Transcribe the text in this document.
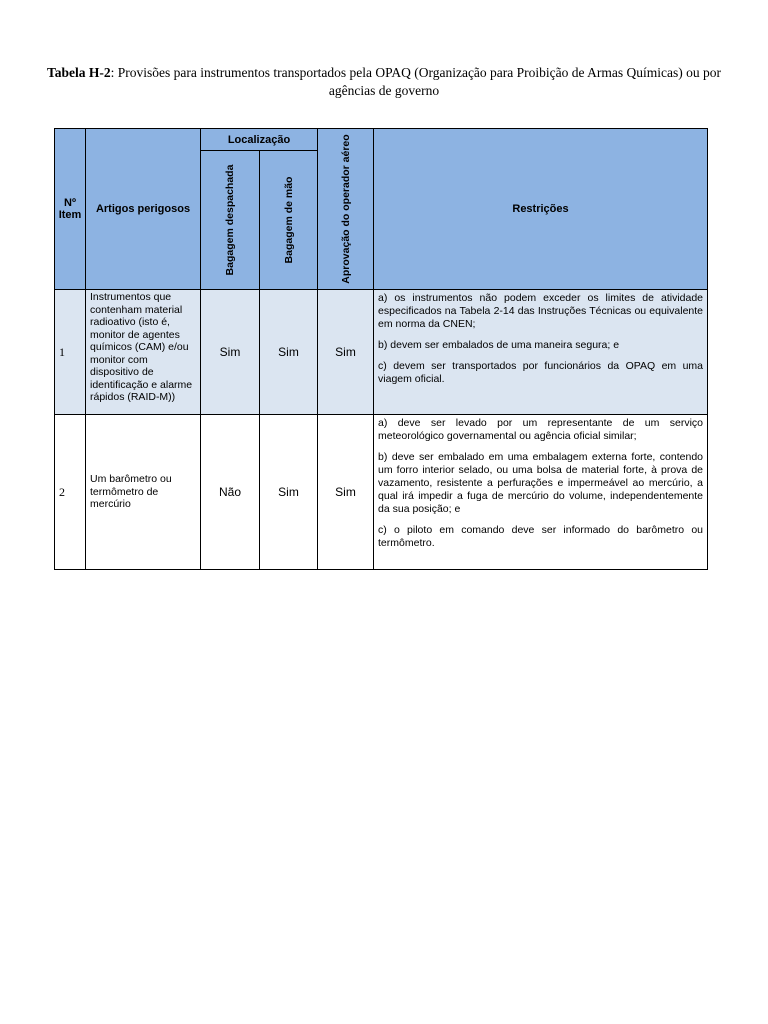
Tabela H-2: Provisões para instrumentos transportados pela OPAQ (Organização para Proibição de Armas Químicas) ou por agências de governo
Nº Item	Artigos perigosos	Localização		Aprovação do operador aéreo	Restrições

		Bagagem despachada	Bagagem de mão		

1	Instrumentos que contenham material radioativo (isto é, monitor de agentes químicos (CAM) e/ou monitor com dispositivo de identificação e alarme rápidos (RAID-M))	Sim	Sim	Sim	a) os instrumentos não podem exceder os limites de atividade especificados na Tabela 2-14 das Instruções Técnicas ou equivalente em norma da CNEN;

b) devem ser embalados de uma maneira segura; e

c) devem ser transportados por funcionários da OPAQ em uma viagem oficial.

2	Um barômetro ou termômetro de mercúrio	Não	Sim	Sim	a) deve ser levado por um representante de um serviço meteorológico governamental ou agência oficial similar;

b) deve ser embalado em uma embalagem externa forte, contendo um forro interior selado, ou uma bolsa de material forte, à prova de vazamento, resistente a perfurações e impermeável ao mercúrio, a qual irá impedir a fuga de mercúrio do volume, independentemente da sua posição; e

c) o piloto em comando deve ser informado do barômetro ou termômetro.
